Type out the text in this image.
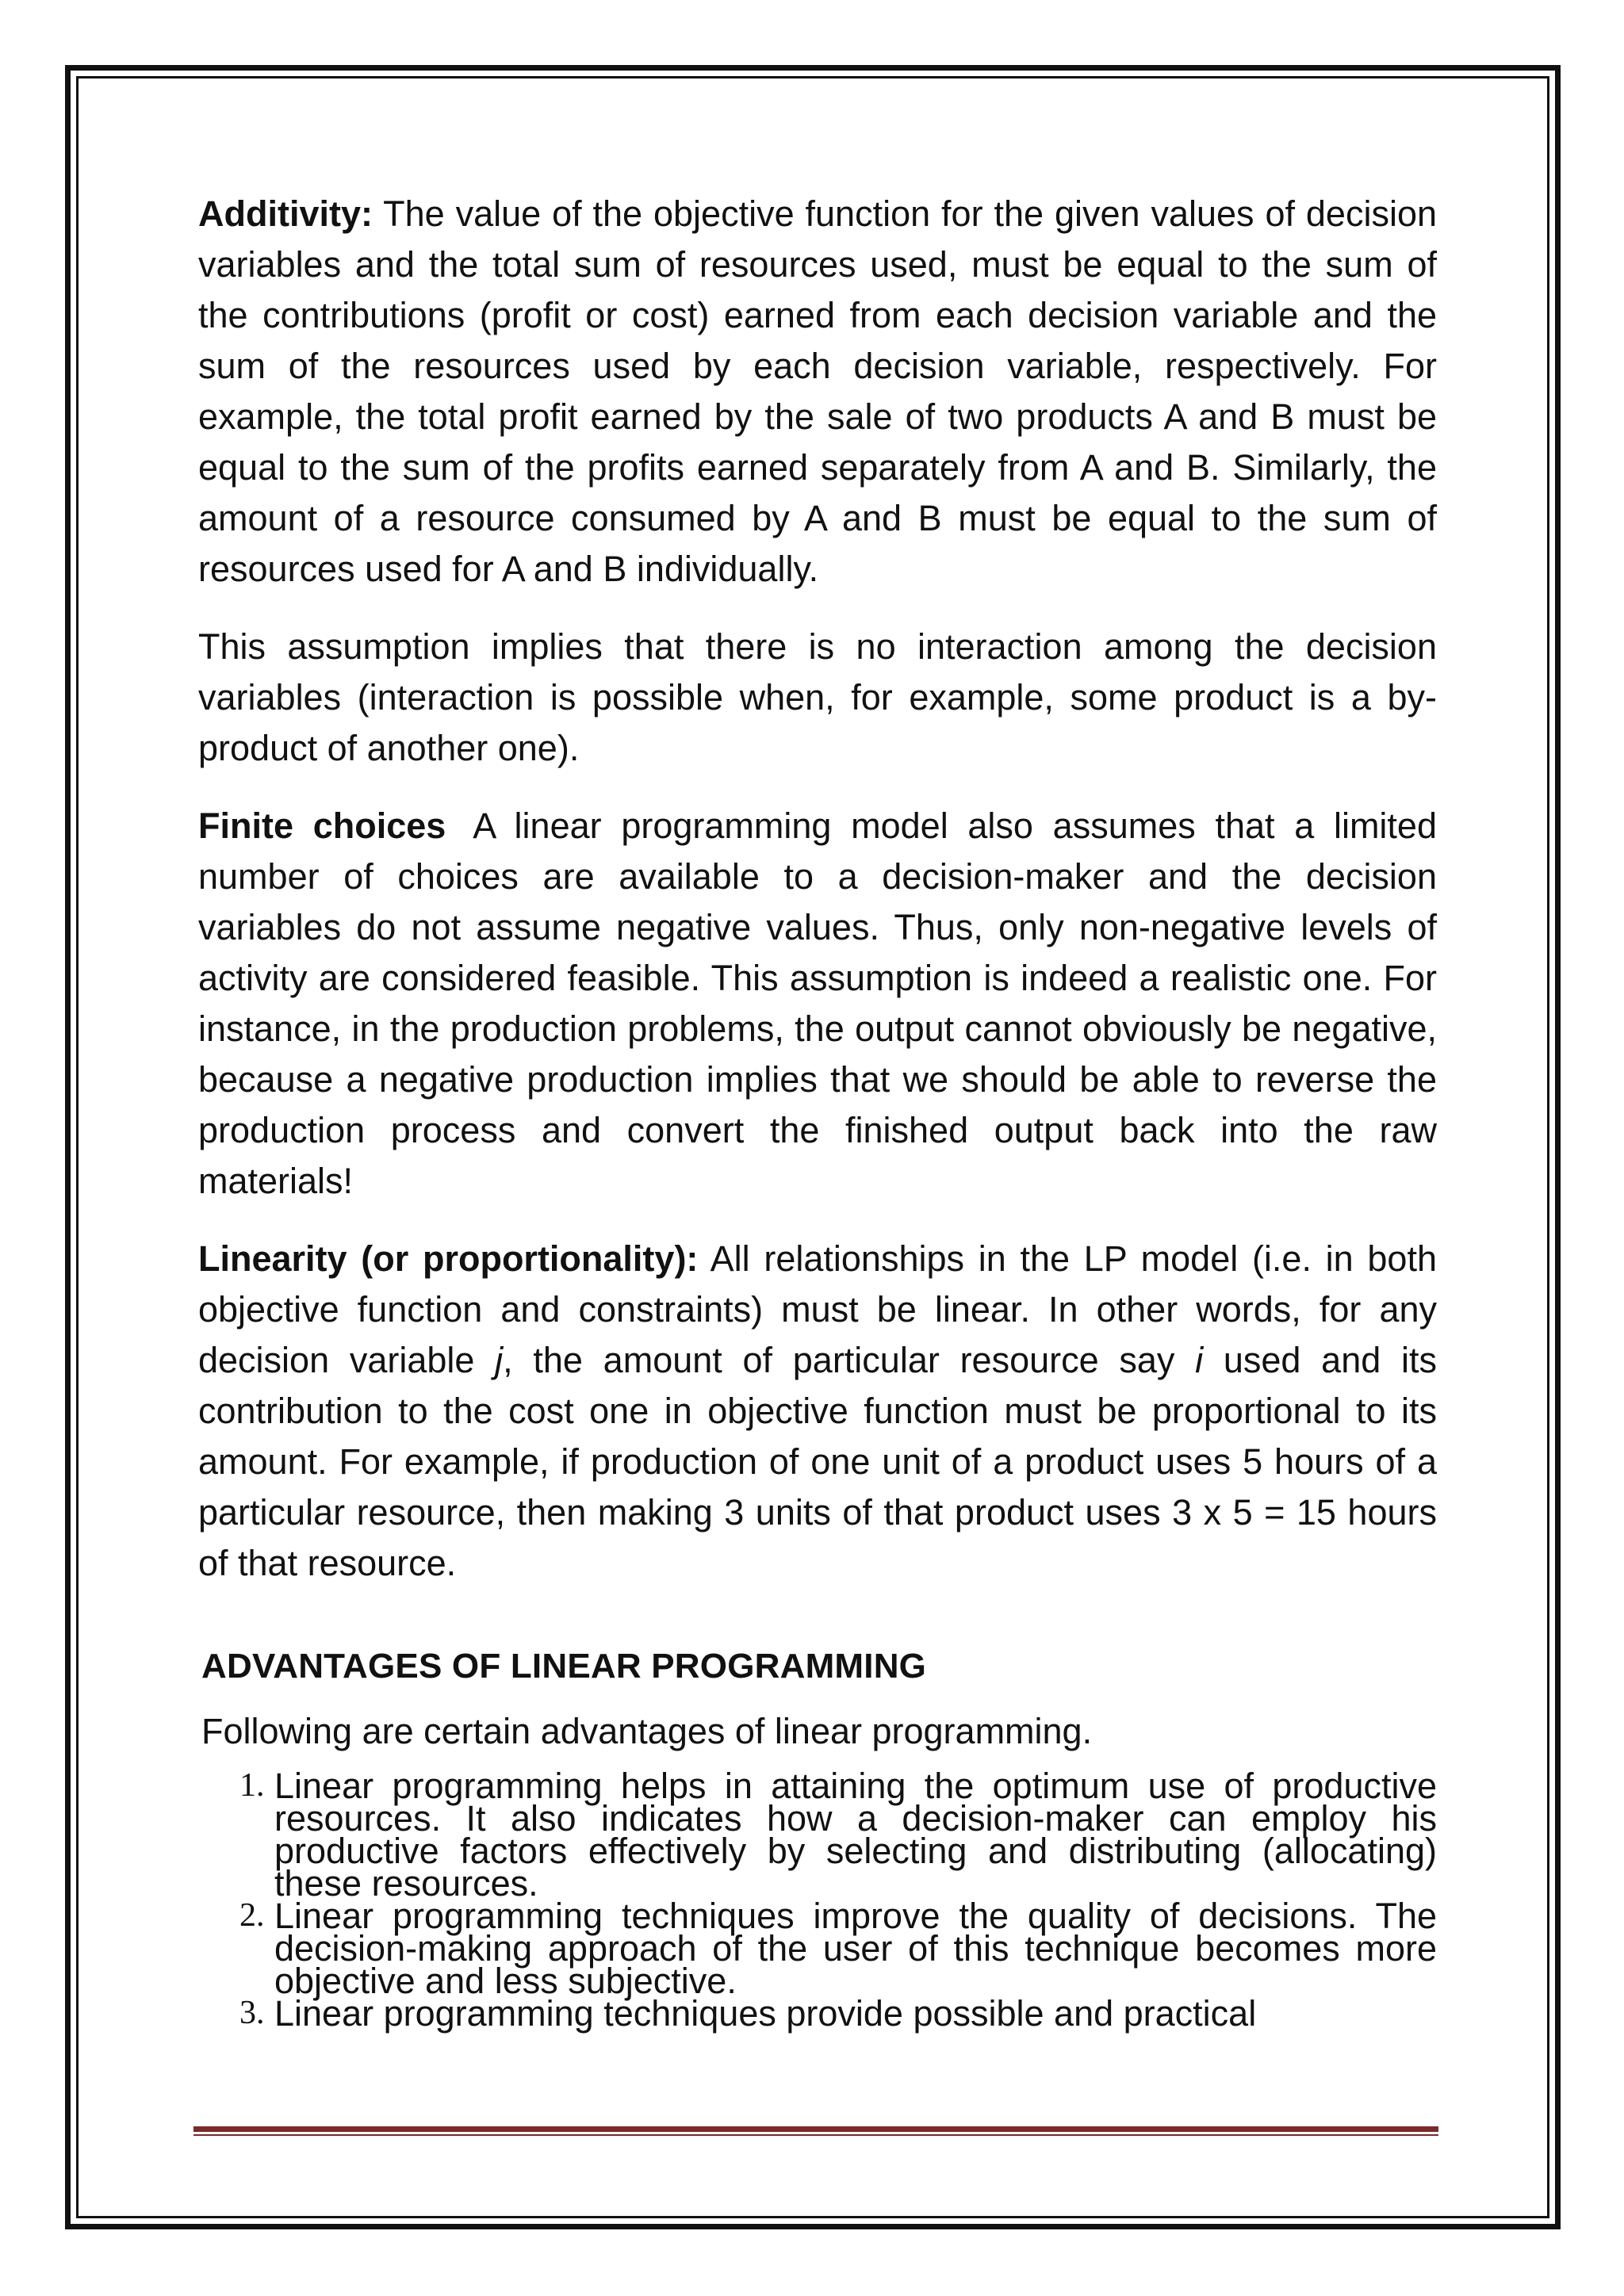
Additivity: The value of the objective function for the given values of decision variables and the total sum of resources used, must be equal to the sum of the contributions (profit or cost) earned from each decision variable and the sum of the resources used by each decision variable, respectively. For example, the total profit earned by the sale of two products A and B must be equal to the sum of the profits earned separately from A and B. Similarly, the amount of a resource consumed by A and B must be equal to the sum of resources used for A and B individually.

This assumption implies that there is no interaction among the decision variables (interaction is possible when, for example, some product is a by-product of another one).

Finite choices A linear programming model also assumes that a limited number of choices are available to a decision-maker and the decision variables do not assume negative values. Thus, only non-negative levels of activity are considered feasible. This assumption is indeed a realistic one. For instance, in the production problems, the output cannot obviously be negative, because a negative production implies that we should be able to reverse the production process and convert the finished output back into the raw materials!

Linearity (or proportionality): All relationships in the LP model (i.e. in both objective function and constraints) must be linear. In other words, for any decision variable j, the amount of particular resource say i used and its contribution to the cost one in objective function must be proportional to its amount. For example, if production of one unit of a product uses 5 hours of a particular resource, then making 3 units of that product uses 3 x 5 = 15 hours of that resource.

ADVANTAGES OF LINEAR PROGRAMMING
Following are certain advantages of linear programming.
1. Linear programming helps in attaining the optimum use of productive resources. It also indicates how a decision-maker can employ his productive factors effectively by selecting and distributing (allocating) these resources.
2. Linear programming techniques improve the quality of decisions. The decision-making approach of the user of this technique becomes more objective and less subjective.
3. Linear programming techniques provide possible and practical
